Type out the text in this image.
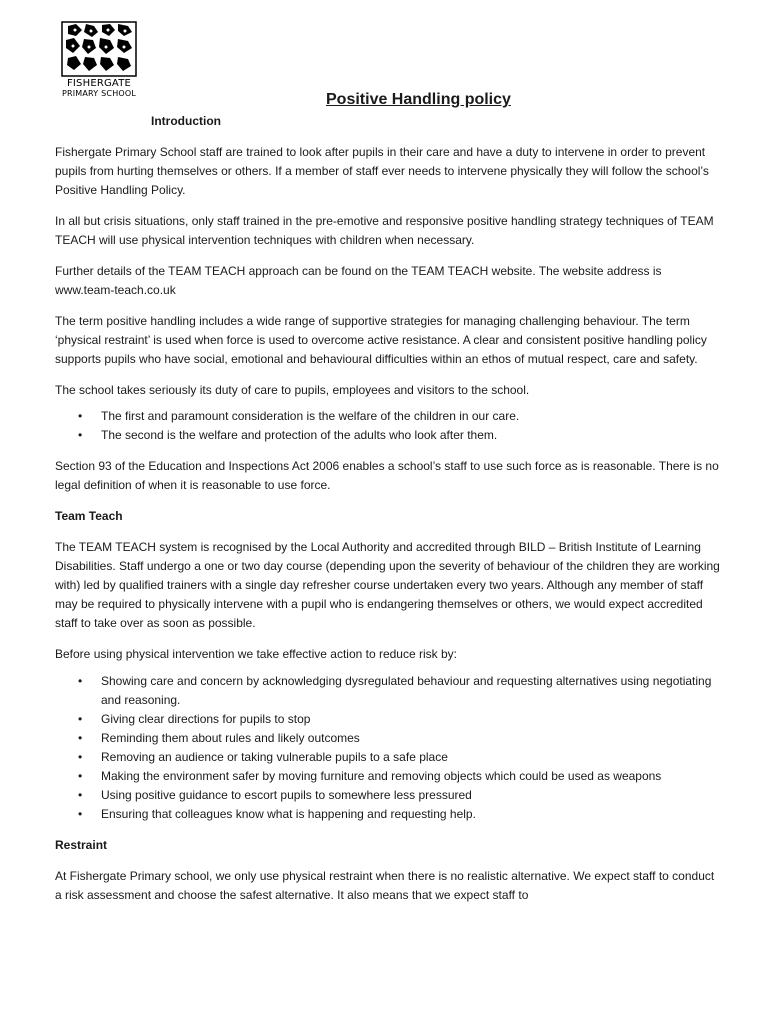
FISHERGATE
PRIMARY SCHOOL	Positive Handling policy
Introduction

Fishergate Primary School staff are trained to look after pupils in their care and have a duty to intervene in order to prevent pupils from hurting themselves or others. If a member of staff ever needs to intervene physically they will follow the school’s Positive Handling Policy.

In all but crisis situations, only staff trained in the pre-emotive and responsive positive handling strategy techniques of TEAM TEACH will use physical intervention techniques with children when necessary.

Further details of the TEAM TEACH approach can be found on the TEAM TEACH website. The website address is www.team-teach.co.uk

The term positive handling includes a wide range of supportive strategies for managing challenging behaviour. The term ‘physical restraint’ is used when force is used to overcome active resistance. A clear and consistent positive handling policy supports pupils who have social, emotional and behavioural difficulties within an ethos of mutual respect, care and safety.

The school takes seriously its duty of care to pupils, employees and visitors to the school.

• The first and paramount consideration is the welfare of the children in our care.
• The second is the welfare and protection of the adults who look after them.

Section 93 of the Education and Inspections Act 2006 enables a school’s staff to use such force as is reasonable. There is no legal definition of when it is reasonable to use force.

Team Teach

The TEAM TEACH system is recognised by the Local Authority and accredited through BILD – British Institute of Learning Disabilities. Staff undergo a one or two day course (depending upon the severity of behaviour of the children they are working with) led by qualified trainers with a single day refresher course undertaken every two years. Although any member of staff may be required to physically intervene with a pupil who is endangering themselves or others, we would expect accredited staff to take over as soon as possible.

Before using physical intervention we take effective action to reduce risk by:

• Showing care and concern by acknowledging dysregulated behaviour and requesting alternatives using negotiating and reasoning.
• Giving clear directions for pupils to stop
• Reminding them about rules and likely outcomes
• Removing an audience or taking vulnerable pupils to a safe place
• Making the environment safer by moving furniture and removing objects which could be used as weapons
• Using positive guidance to escort pupils to somewhere less pressured
• Ensuring that colleagues know what is happening and requesting help.

Restraint

At Fishergate Primary school, we only use physical restraint when there is no realistic alternative. We expect staff to conduct a risk assessment and choose the safest alternative. It also means that we expect staff to
